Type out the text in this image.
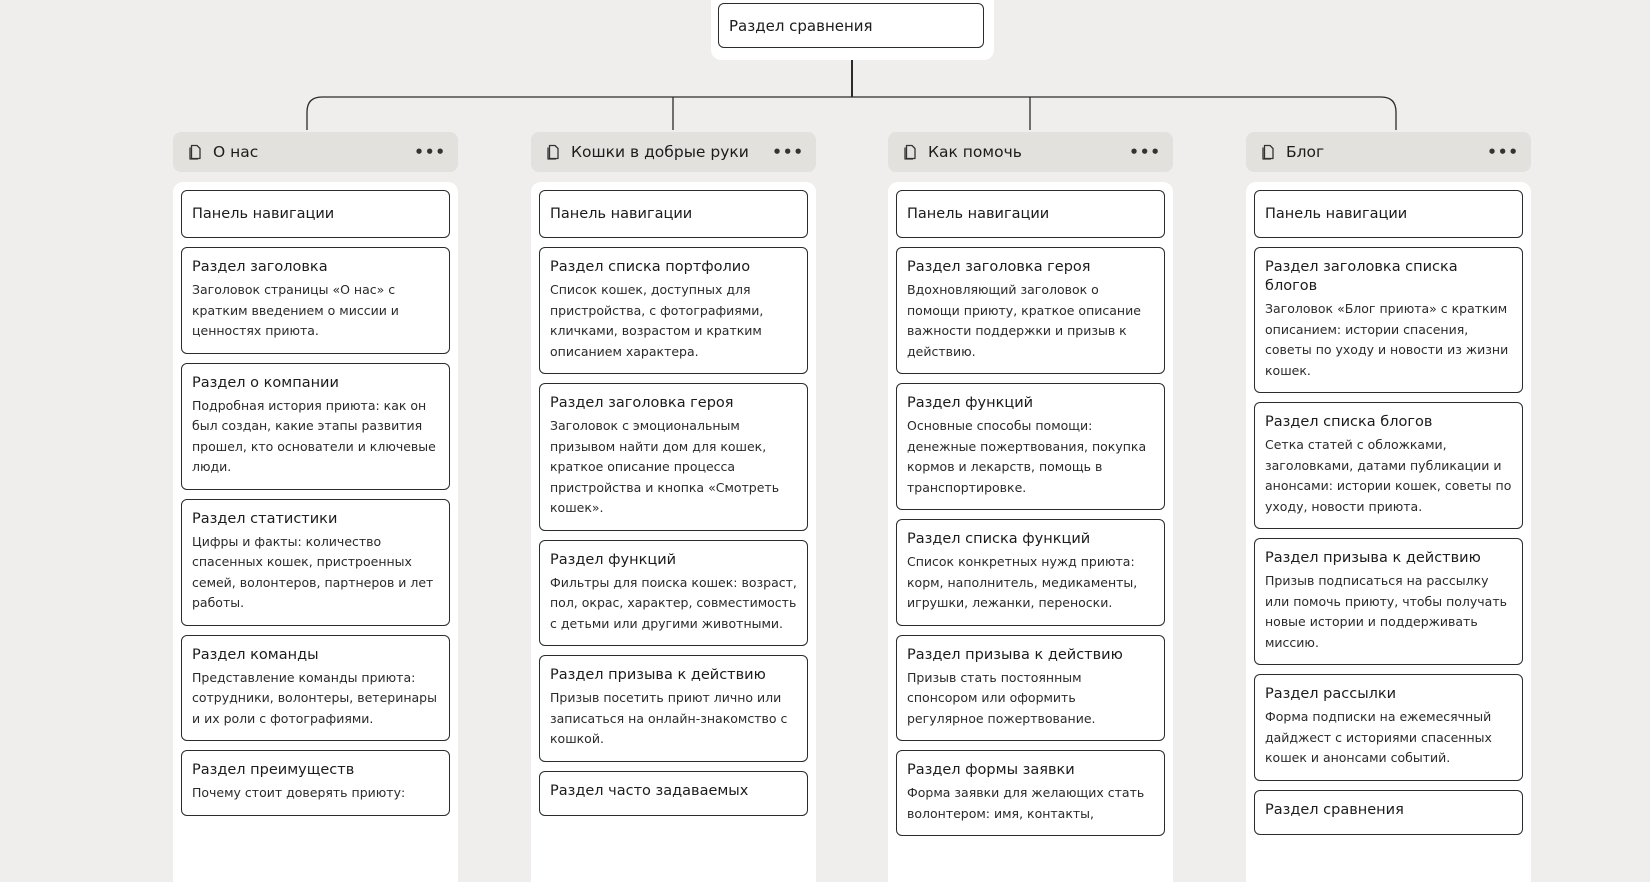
Раздел сравнения
О нас	•••
Панель навигации
Раздел заголовка
Заголовок страницы «О нас» с кратким введением о миссии и ценностях приюта.
Раздел о компании
Подробная история приюта: как он был создан, какие этапы развития прошел, кто основатели и ключевые люди.
Раздел статистики
Цифры и факты: количество спасенных кошек, пристроенных семей, волонтеров, партнеров и лет работы.
Раздел команды
Представление команды приюта: сотрудники, волонтеры, ветеринары и их роли с фотографиями.
Раздел преимуществ
Почему стоит доверять приюту:
Кошки в добрые руки	•••
Панель навигации
Раздел списка портфолио
Список кошек, доступных для пристройства, с фотографиями, кличками, возрастом и кратким описанием характера.
Раздел заголовка героя
Заголовок с эмоциональным призывом найти дом для кошек, краткое описание процесса пристройства и кнопка «Смотреть кошек».
Раздел функций
Фильтры для поиска кошек: возраст, пол, окрас, характер, совместимость с детьми или другими животными.
Раздел призыва к действию
Призыв посетить приют лично или записаться на онлайн-знакомство с кошкой.
Раздел часто задаваемых
Как помочь	•••
Панель навигации
Раздел заголовка героя
Вдохновляющий заголовок о помощи приюту, краткое описание важности поддержки и призыв к действию.
Раздел функций
Основные способы помощи: денежные пожертвования, покупка кормов и лекарств, помощь в транспортировке.
Раздел списка функций
Список конкретных нужд приюта: корм, наполнитель, медикаменты, игрушки, лежанки, переноски.
Раздел призыва к действию
Призыв стать постоянным спонсором или оформить регулярное пожертвование.
Раздел формы заявки
Форма заявки для желающих стать волонтером: имя, контакты,
Блог	•••
Панель навигации
Раздел заголовка списка блогов
Заголовок «Блог приюта» с кратким описанием: истории спасения, советы по уходу и новости из жизни кошек.
Раздел списка блогов
Сетка статей с обложками, заголовками, датами публикации и анонсами: истории кошек, советы по уходу, новости приюта.
Раздел призыва к действию
Призыв подписаться на рассылку или помочь приюту, чтобы получать новые истории и поддерживать миссию.
Раздел рассылки
Форма подписки на ежемесячный дайджест с историями спасенных кошек и анонсами событий.
Раздел сравнения
